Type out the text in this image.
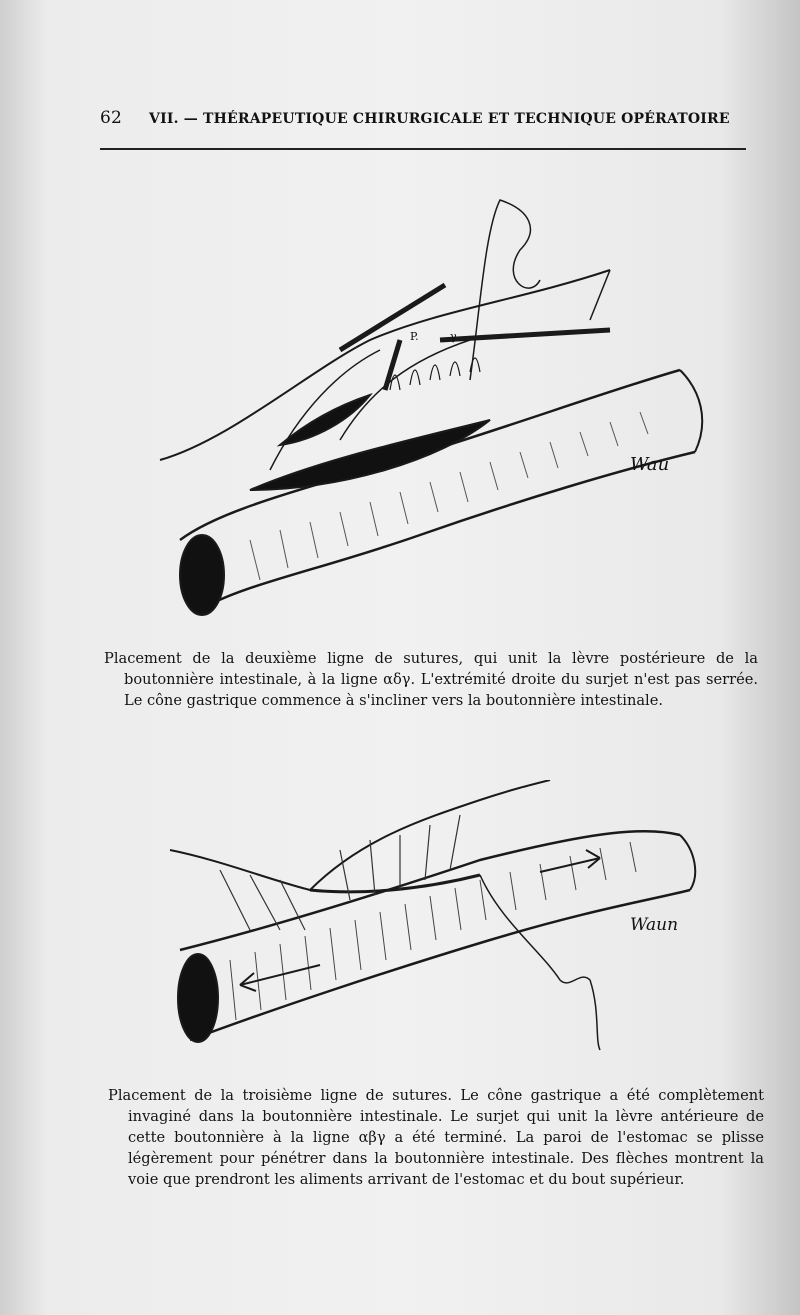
62 VII. — THÉRAPEUTIQUE CHIRURGICALE ET TECHNIQUE OPÉRATOIRE
P.	γ
Wau
Placement de la deuxième ligne de sutures, qui unit la lèvre postérieure de la boutonnière intestinale, à la ligne αδγ. L'extrémité droite du surjet n'est pas serrée. Le cône gastrique commence à s'incliner vers la boutonnière intestinale.
Waun
Placement de la troisième ligne de sutures. Le cône gastrique a été complètement invaginé dans la boutonnière intestinale. Le surjet qui unit la lèvre antérieure de cette boutonnière à la ligne αβγ a été terminé. La paroi de l'estomac se plisse légèrement pour pénétrer dans la boutonnière intestinale. Des flèches montrent la voie que prendront les aliments arrivant de l'estomac et du bout supérieur.
